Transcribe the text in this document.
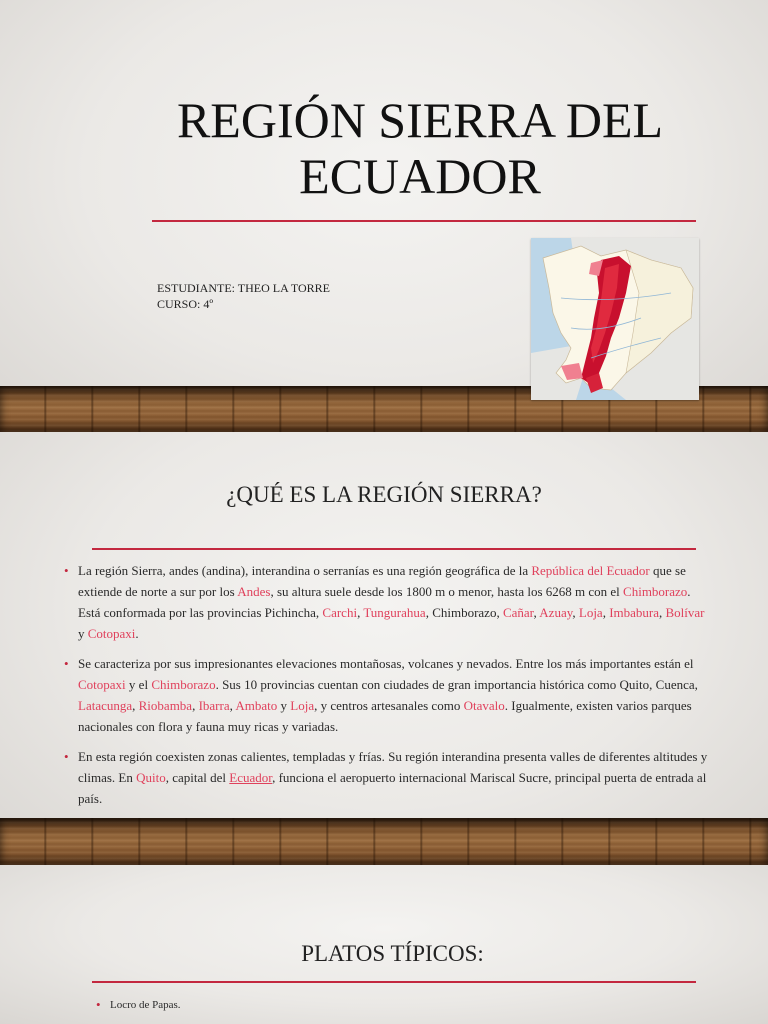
REGIÓN SIERRA DEL
ECUADOR
ESTUDIANTE: THEO LA TORRE
CURSO: 4º
¿QUÉ ES LA REGIÓN SIERRA?
• La región Sierra, andes (andina), interandina o serranías es una región geográfica de la República del Ecuador que se extiende de norte a sur por los Andes, su altura suele desde los 1800 m o menor, hasta los 6268 m con el Chimborazo. Está conformada por las provincias Pichincha, Carchi, Tungurahua, Chimborazo, Cañar, Azuay, Loja, Imbabura, Bolívar y Cotopaxi.
• Se caracteriza por sus impresionantes elevaciones montañosas, volcanes y nevados. Entre los más importantes están el Cotopaxi y el Chimborazo. Sus 10 provincias cuentan con ciudades de gran importancia histórica como Quito, Cuenca, Latacunga, Riobamba, Ibarra, Ambato y Loja, y centros artesanales como Otavalo. Igualmente, existen varios parques nacionales con flora y fauna muy ricas y variadas.
• En esta región coexisten zonas calientes, templadas y frías. Su región interandina presenta valles de diferentes altitudes y climas. En Quito, capital del Ecuador, funciona el aeropuerto internacional Mariscal Sucre, principal puerta de entrada al país.
PLATOS TÍPICOS:
• Locro de Papas.
